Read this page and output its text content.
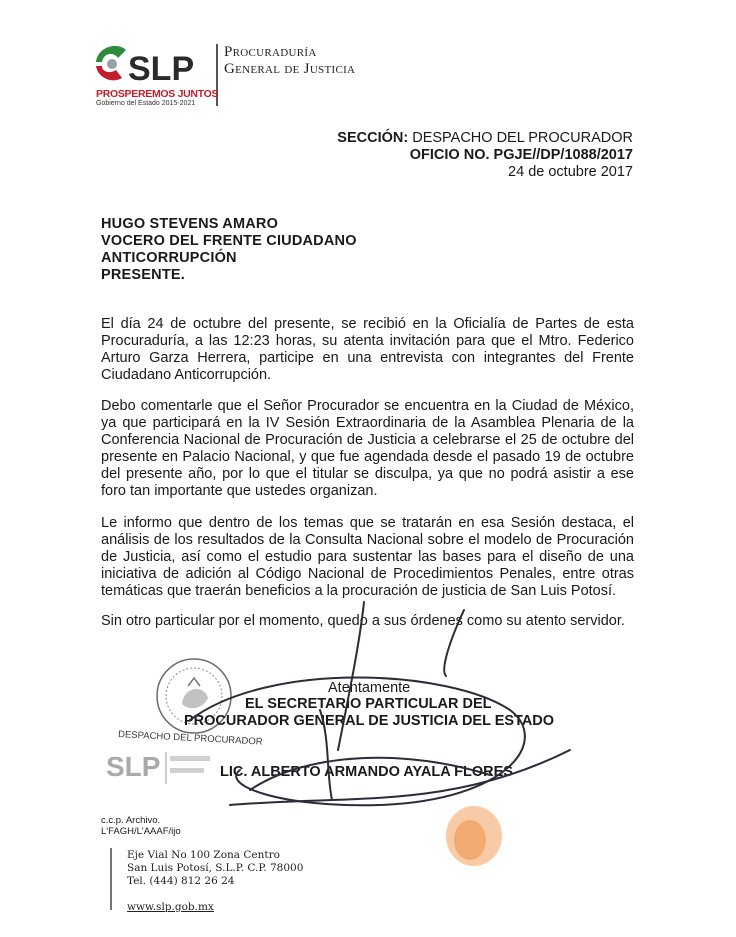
SLP Procuraduría
General de Justicia
PROSPEREMOS JUNTOS
Gobierno del Estado 2015-2021
SECCIÓN: DESPACHO DEL PROCURADOR
OFICIO NO. PGJE//DP/1088/2017
24 de octubre 2017
HUGO STEVENS AMARO
VOCERO DEL FRENTE CIUDADANO
ANTICORRUPCIÓN
PRESENTE.
El día 24 de octubre del presente, se recibió en la Oficialía de Partes de esta Procuraduría, a las 12:23 horas, su atenta invitación para que el Mtro. Federico Arturo Garza Herrera, participe en una entrevista con integrantes del Frente Ciudadano Anticorrupción.
Debo comentarle que el Señor Procurador se encuentra en la Ciudad de México, ya que participará en la IV Sesión Extraordinaria de la Asamblea Plenaria de la Conferencia Nacional de Procuración de Justicia a celebrarse el 25 de octubre del presente en Palacio Nacional, y que fue agendada desde el pasado 19 de octubre del presente año, por lo que el titular se disculpa, ya que no podrá asistir a ese foro tan importante que ustedes organizan.
Le informo que dentro de los temas que se tratarán en esa Sesión destaca, el análisis de los resultados de la Consulta Nacional sobre el modelo de Procuración de Justicia, así como el estudio para sustentar las bases para el diseño de una iniciativa de adición al Código Nacional de Procedimientos Penales, entre otras temáticas que traerán beneficios a la procuración de justicia de San Luis Potosí.
Sin otro particular por el momento, quedo a sus órdenes como su atento servidor.
DESPACHO DEL PROCURADOR
SLP
Atentamente
EL SECRETARIO PARTICULAR DEL
PROCURADOR GENERAL DE JUSTICIA DEL ESTADO
LIC. ALBERTO ARMANDO AYALA FLORES
c.c.p. Archivo.
L'FAGH/L'AAAF/ijo
Eje Vial No 100 Zona Centro
San Luis Potosí, S.L.P. C.P. 78000
Tel. (444) 812 26 24
www.slp.gob.mx
